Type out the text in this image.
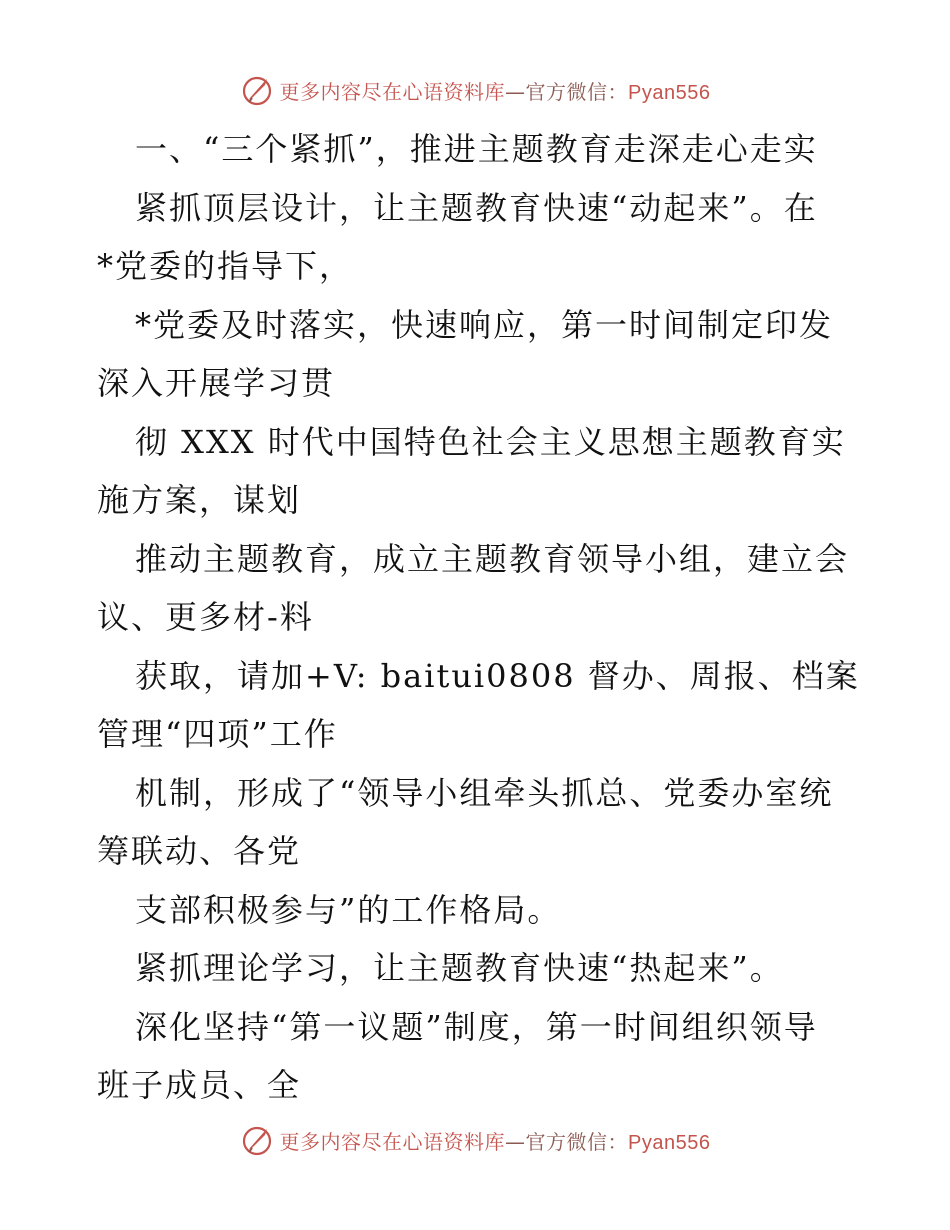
更多内容尽在心语资料库—官方微信：Pyan556
一、“三个紧抓”，推进主题教育走深走心走实
紧抓顶层设计，让主题教育快速“动起来”。在
*党委的指导下，
*党委及时落实，快速响应，第一时间制定印发
深入开展学习贯
彻 XXX 时代中国特色社会主义思想主题教育实
施方案，谋划
推动主题教育，成立主题教育领导小组，建立会
议、更多材-料
获取，请加+V: baitui0808 督办、周报、档案
管理“四项”工作
机制，形成了“领导小组牵头抓总、党委办室统
筹联动、各党
支部积极参与”的工作格局。
紧抓理论学习，让主题教育快速“热起来”。
深化坚持“第一议题”制度，第一时间组织领导
班子成员、全
更多内容尽在心语资料库—官方微信：Pyan556
